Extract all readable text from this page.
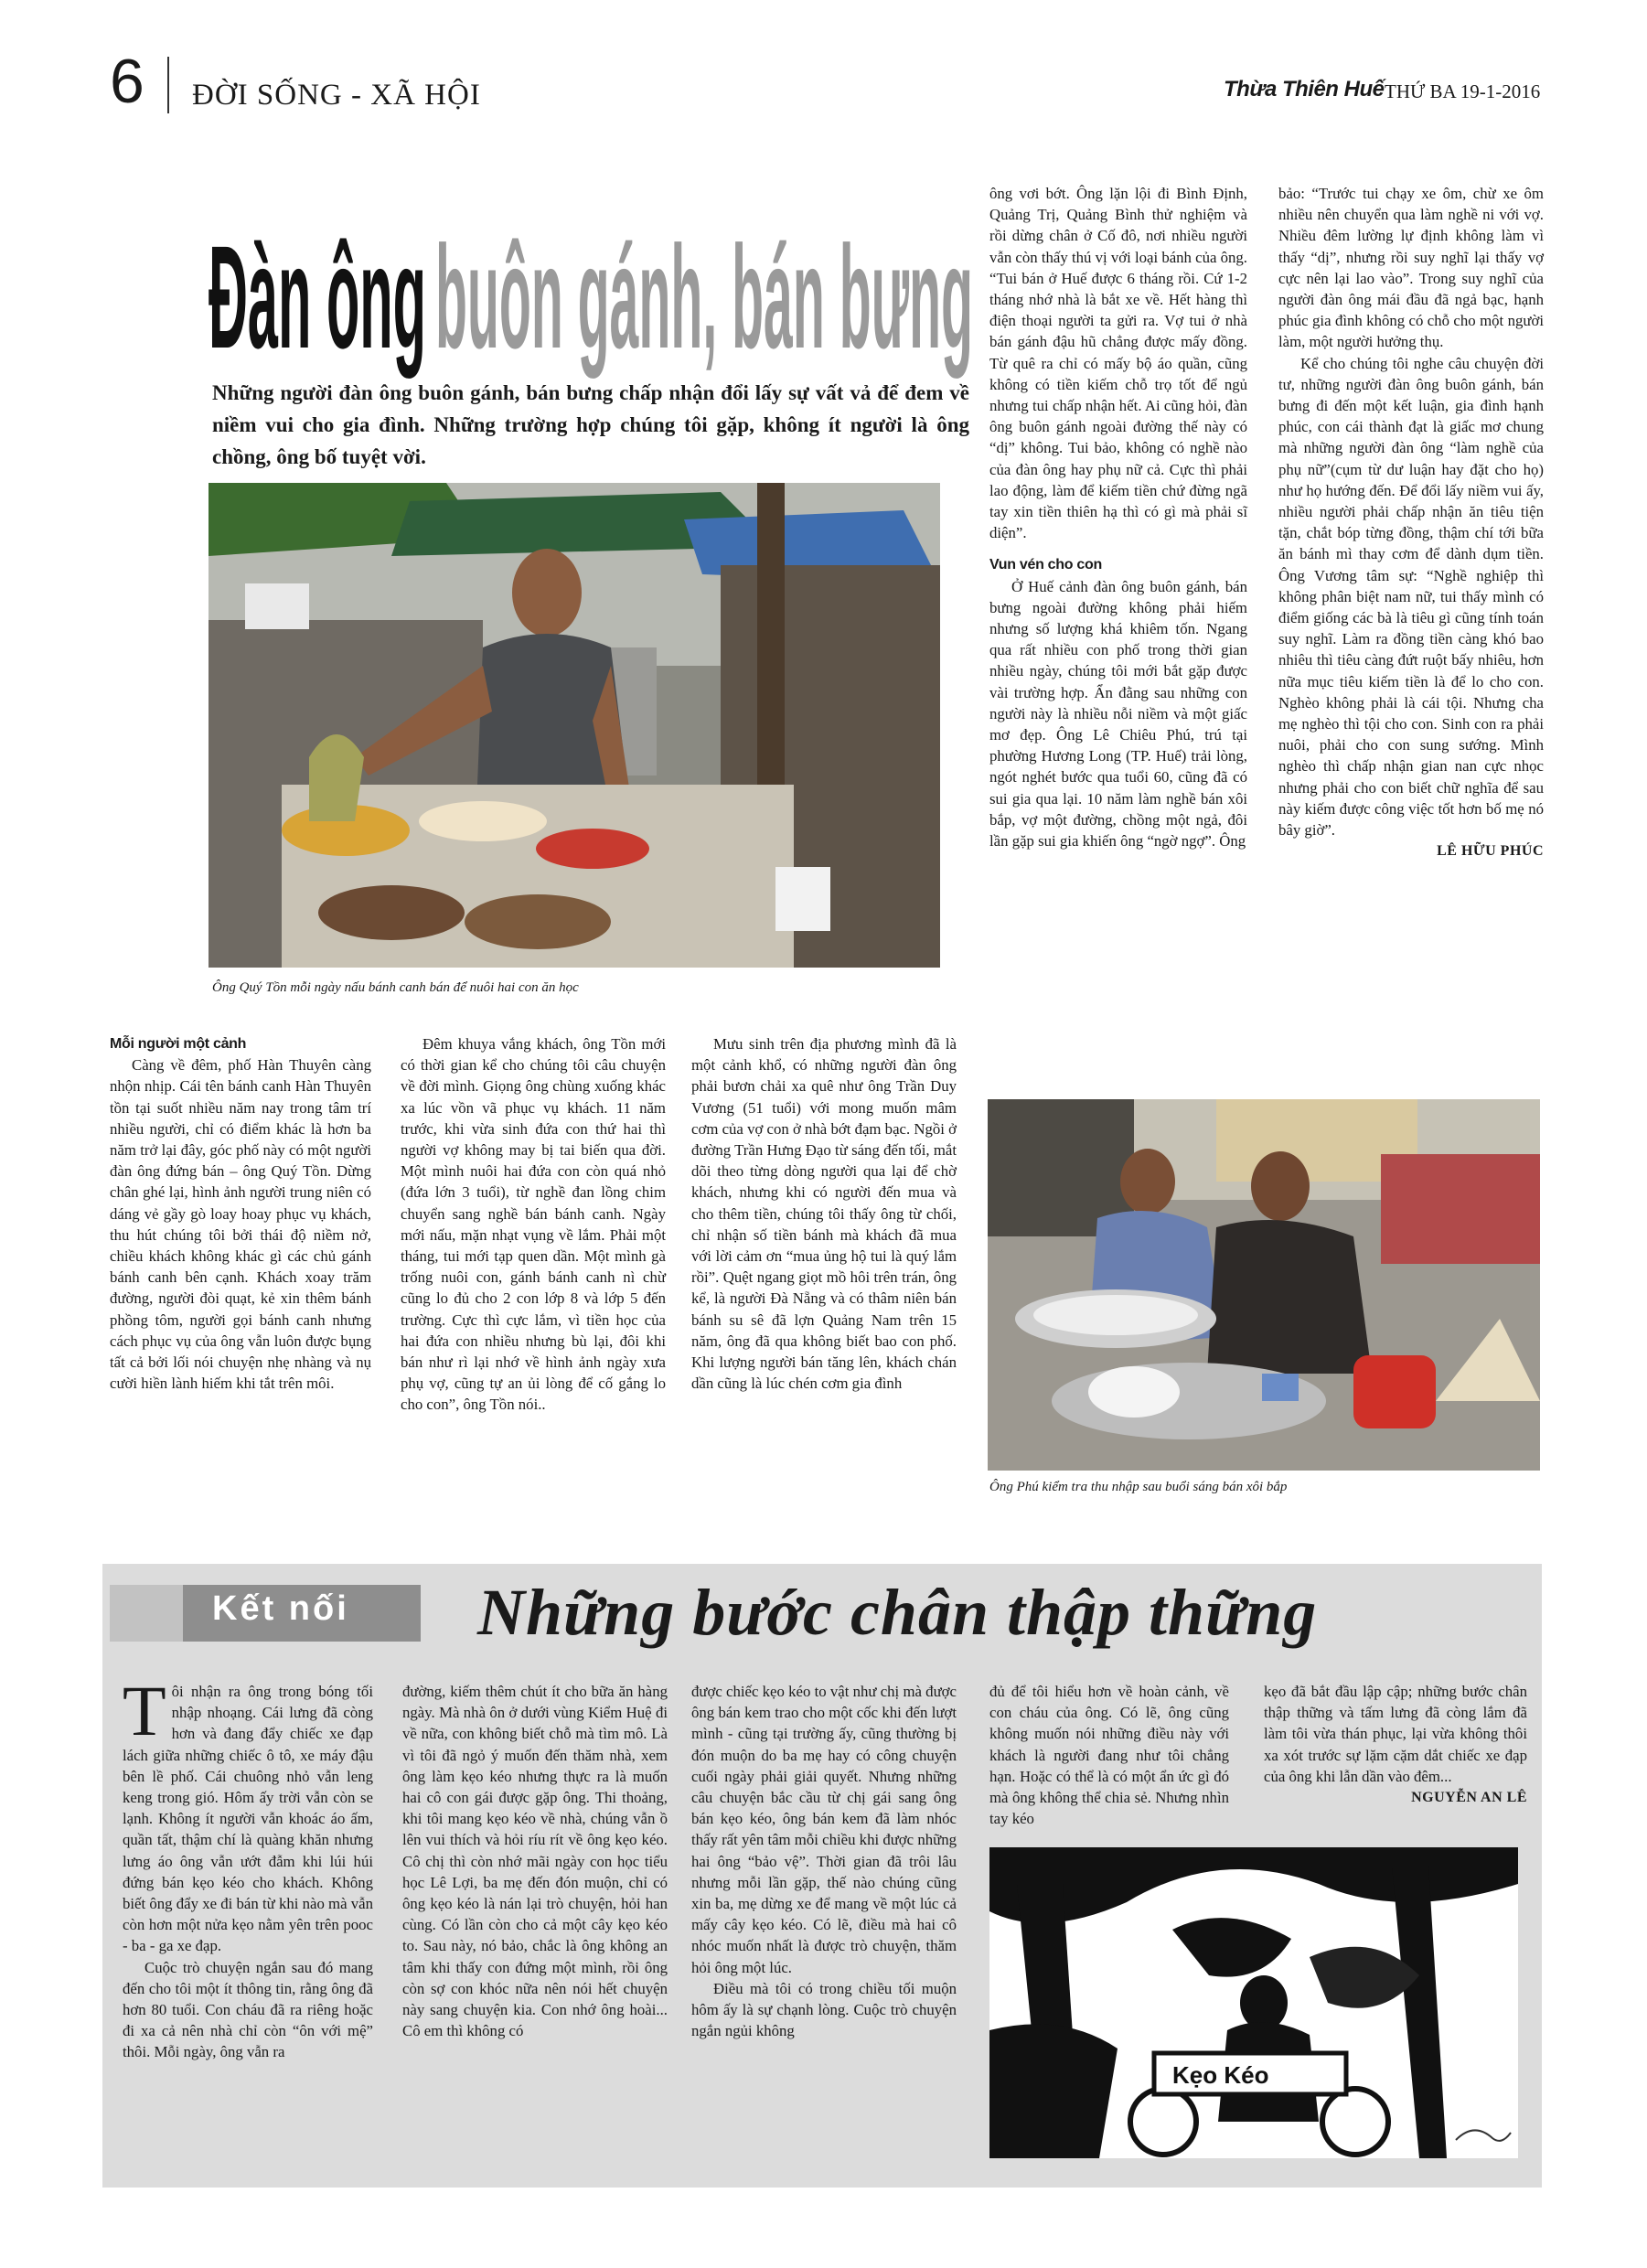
6 ĐỜI SỐNG - XÃ HỘI	Thừa Thiên Huế THỨ BA 19-1-2016
Đàn ông buôn gánh, bán bưng
Những người đàn ông buôn gánh, bán bưng chấp nhận đổi lấy sự vất vả để đem về niềm vui cho gia đình. Những trường hợp chúng tôi gặp, không ít người là ông chồng, ông bố tuyệt vời.
Ông Quý Tồn mỗi ngày nấu bánh canh bán để nuôi hai con ăn học

Mỗi người một cảnh

Càng về đêm, phố Hàn Thuyên càng nhộn nhịp. Cái tên bánh canh Hàn Thuyên tồn tại suốt nhiều năm nay trong tâm trí nhiều người, chỉ có điểm khác là hơn ba năm trở lại đây, góc phố này có một người đàn ông đứng bán – ông Quý Tồn. Dừng chân ghé lại, hình ảnh người trung niên có dáng vẻ gầy gò loay hoay phục vụ khách, thu hút chúng tôi bởi thái độ niềm nở, chiều khách không khác gì các chủ gánh bánh canh bên cạnh. Khách xoay trăm đường, người đòi quạt, kẻ xin thêm bánh phồng tôm, người gọi bánh canh nhưng cách phục vụ của ông vẫn luôn được bụng tất cả bởi lối nói chuyện nhẹ nhàng và nụ cười hiền lành hiếm khi tắt trên môi.

Đêm khuya vắng khách, ông Tồn mới có thời gian kể cho chúng tôi câu chuyện về đời mình. Giọng ông chùng xuống khác xa lúc vồn vã phục vụ khách. 11 năm trước, khi vừa sinh đứa con thứ hai thì người vợ không may bị tai biến qua đời. Một mình nuôi hai đứa con còn quá nhỏ (đứa lớn 3 tuổi), từ nghề đan lồng chim chuyển sang nghề bán bánh canh. Ngày mới nấu, mặn nhạt vụng về lắm. Phải một tháng, tui mới tạp quen dần. Một mình gà trống nuôi con, gánh bánh canh nì chừ cũng lo đủ cho 2 con lớp 8 và lớp 5 đến trường. Cực thì cực lắm, vì tiền học của hai đứa con nhiều nhưng bù lại, đôi khi bán như rì lại nhớ về hình ảnh ngày xưa phụ vợ, cũng tự an ủi lòng để cố gắng lo cho con”, ông Tồn nói..

Mưu sinh trên địa phương mình đã là một cảnh khổ, có những người đàn ông phải bươn chải xa quê như ông Trần Duy Vương (51 tuổi) với mong muốn mâm cơm của vợ con ở nhà bớt đạm bạc. Ngồi ở đường Trần Hưng Đạo từ sáng đến tối, mắt dõi theo từng dòng người qua lại để chờ khách, nhưng khi có người đến mua và cho thêm tiền, chúng tôi thấy ông từ chối, chỉ nhận số tiền bánh mà khách đã mua với lời cảm ơn “mua ủng hộ tui là quý lắm rồi”. Quệt ngang giọt mồ hôi trên trán, ông kể, là người Đà Nẵng và có thâm niên bán bánh su sê đã lợn Quảng Nam trên 15 năm, ông đã qua không biết bao con phố. Khi lượng người bán tăng lên, khách chán dần cũng là lúc chén cơm gia đình

ông vơi bớt. Ông lặn lội đi Bình Định, Quảng Trị, Quảng Bình thử nghiệm và rồi dừng chân ở Cố đô, nơi nhiều người vẫn còn thấy thú vị với loại bánh của ông. “Tui bán ở Huế được 6 tháng rồi. Cứ 1-2 tháng nhớ nhà là bắt xe về. Hết hàng thì điện thoại người ta gửi ra. Vợ tui ở nhà bán gánh đậu hũ chẳng được mấy đồng. Từ quê ra chỉ có mấy bộ áo quần, cũng không có tiền kiếm chỗ trọ tốt để ngủ nhưng tui chấp nhận hết. Ai cũng hỏi, đàn ông buôn gánh ngoài đường thế này có “dị” không. Tui bảo, không có nghề nào của đàn ông hay phụ nữ cả. Cực thì phải lao động, làm để kiếm tiền chứ đừng ngã tay xin tiền thiên hạ thì có gì mà phải sĩ diện”.

Vun vén cho con

Ở Huế cảnh đàn ông buôn gánh, bán bưng ngoài đường không phải hiếm nhưng số lượng khá khiêm tốn. Ngang qua rất nhiều con phố trong thời gian nhiều ngày, chúng tôi mới bắt gặp được vài trường hợp. Ẩn đằng sau những con người này là nhiều nỗi niềm và một giấc mơ đẹp. Ông Lê Chiêu Phú, trú tại phường Hương Long (TP. Huế) trải lòng, ngót nghét bước qua tuổi 60, cũng đã có sui gia qua lại. 10 năm làm nghề bán xôi bắp, vợ một đường, chồng một ngả, đôi lần gặp sui gia khiến ông “ngờ ngợ”. Ông

bảo: “Trước tui chạy xe ôm, chừ xe ôm nhiều nên chuyển qua làm nghề ni với vợ. Nhiều đêm lường lự định không làm vì thấy “dị”, nhưng rồi suy nghĩ lại thấy vợ cực nên lại lao vào”. Trong suy nghĩ của người đàn ông mái đầu đã ngả bạc, hạnh phúc gia đình không có chỗ cho một người làm, một người hưởng thụ.

Kể cho chúng tôi nghe câu chuyện đời tư, những người đàn ông buôn gánh, bán bưng đi đến một kết luận, gia đình hạnh phúc, con cái thành đạt là giấc mơ chung mà những người đàn ông “làm nghề của phụ nữ”(cụm từ dư luận hay đặt cho họ) như họ hướng đến. Để đổi lấy niềm vui ấy, nhiều người phải chấp nhận ăn tiêu tiện tặn, chắt bóp từng đồng, thậm chí tới bữa ăn bánh mì thay cơm để dành dụm tiền. Ông Vương tâm sự: “Nghề nghiệp thì không phân biệt nam nữ, tui thấy mình có điểm giống các bà là tiêu gì cũng tính toán suy nghĩ. Làm ra đồng tiền càng khó bao nhiêu thì tiêu càng đứt ruột bấy nhiêu, hơn nữa mục tiêu kiếm tiền là để lo cho con. Nghèo không phải là cái tội. Nhưng cha mẹ nghèo thì tội cho con. Sinh con ra phải nuôi, phải cho con sung sướng. Mình nghèo thì chấp nhận gian nan cực nhọc nhưng phải cho con biết chữ nghĩa để sau này kiếm được công việc tốt hơn bố mẹ nó bây giờ”.

LÊ HỮU PHÚC

Ông Phú kiểm tra thu nhập sau buổi sáng bán xôi bắp
Kết nối Những bước chân thập thững

Tôi nhận ra ông trong bóng tối nhập nhoạng. Cái lưng đã còng hơn và đang đẩy chiếc xe đạp lách giữa những chiếc ô tô, xe máy đậu bên lề phố. Cái chuông nhỏ vẫn leng keng trong gió. Hôm ấy trời vẫn còn se lạnh. Không ít người vẫn khoác áo ấm, quần tất, thậm chí là quàng khăn nhưng lưng áo ông vẫn ướt đẫm khi lúi húi đứng bán kẹo kéo cho khách. Không biết ông đẩy xe đi bán từ khi nào mà vẫn còn hơn một nửa kẹo nằm yên trên pooc - ba - ga xe đạp.

Cuộc trò chuyện ngắn sau đó mang đến cho tôi một ít thông tin, rằng ông đã hơn 80 tuổi. Con cháu đã ra riêng hoặc đi xa cả nên nhà chỉ còn “ôn với mệ” thôi. Mỗi ngày, ông vẫn ra

đường, kiếm thêm chút ít cho bữa ăn hàng ngày. Mà nhà ôn ở dưới vùng Kiểm Huệ đi về nữa, con không biết chỗ mà tìm mô. Là vì tôi đã ngỏ ý muốn đến thăm nhà, xem ông làm kẹo kéo nhưng thực ra là muốn hai cô con gái được gặp ông. Thi thoảng, khi tôi mang kẹo kéo về nhà, chúng vẫn ồ lên vui thích và hỏi ríu rít về ông kẹo kéo. Cô chị thì còn nhớ mãi ngày con học tiểu học Lê Lợi, ba mẹ đến đón muộn, chỉ có ông kẹo kéo là nán lại trò chuyện, hỏi han cùng. Có lần còn cho cả một cây kẹo kéo to. Sau này, nó bảo, chắc là ông không an tâm khi thấy con đứng một mình, rồi ông còn sợ con khóc nữa nên nói hết chuyện này sang chuyện kia. Con nhớ ông hoài... Cô em thì không có

được chiếc kẹo kéo to vật như chị mà được ông bán kem trao cho một cốc khi đến lượt mình - cũng tại trường ấy, cũng thường bị đón muộn do ba mẹ hay có công chuyện cuối ngày phải giải quyết. Nhưng những câu chuyện bắc cầu từ chị gái sang ông bán kẹo kéo, ông bán kem đã làm nhóc thấy rất yên tâm mỗi chiều khi được những hai ông “bảo vệ”. Thời gian đã trôi lâu nhưng mỗi lần gặp, thế nào chúng cũng xin ba, mẹ dừng xe để mang về một lúc cả mấy cây kẹo kéo. Có lẽ, điều mà hai cô nhóc muốn nhất là được trò chuyện, thăm hỏi ông một lúc.

Điều mà tôi có trong chiều tối muộn hôm ấy là sự chạnh lòng. Cuộc trò chuyện ngắn ngủi không

đủ để tôi hiểu hơn về hoàn cảnh, về con cháu của ông. Có lẽ, ông cũng không muốn nói những điều này với khách là người đang như tôi chẳng hạn. Hoặc có thể là có một ẩn ức gì đó mà ông không thể chia sẻ. Nhưng nhìn tay kéo

kẹo đã bắt đầu lập cập; những bước chân thập thững và tấm lưng đã còng lắm đã làm tôi vừa thán phục, lại vừa không thôi xa xót trước sự lặm cặm dắt chiếc xe đạp của ông khi lẫn dần vào đêm...

NGUYỄN AN LÊ

Kẹo Kéo
